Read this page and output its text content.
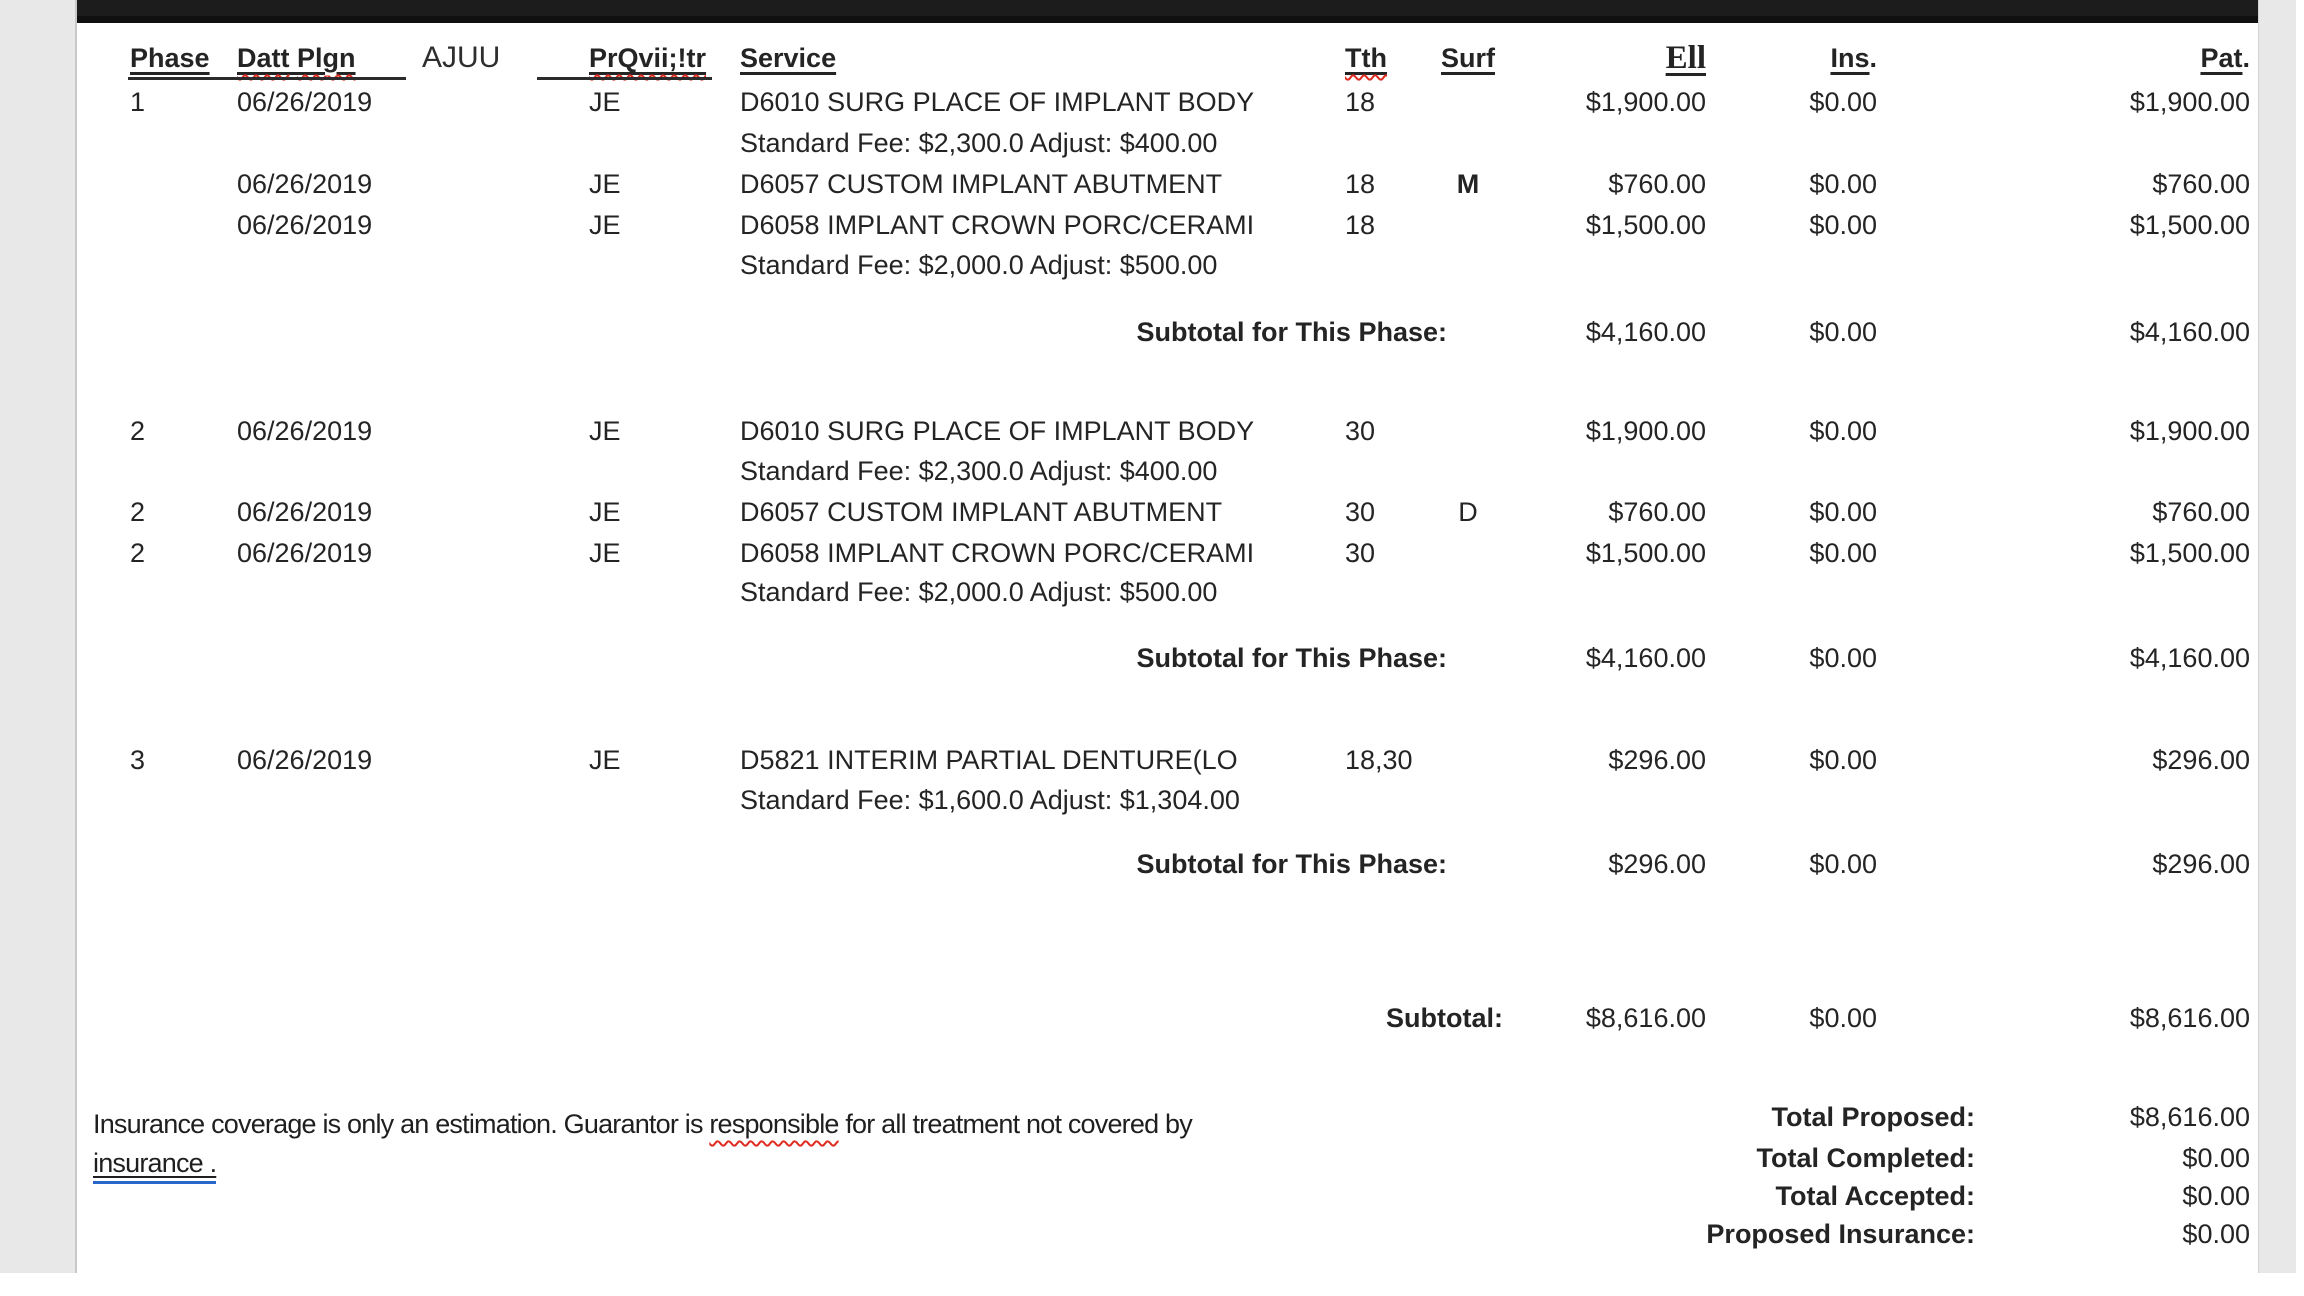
Phase Datt Plgn AJUU	PrQvii;!tr Service	Tth	Surf	Ell	Ins.	Pat.
1	06/26/2019	JE	D6010 SURG PLACE OF IMPLANT BODY	18	$1,900.00	$0.00	$1,900.00
Standard Fee: $2,300.0 Adjust: $400.00
06/26/2019	JE	D6057 CUSTOM IMPLANT ABUTMENT	18	M	$760.00	$0.00	$760.00
06/26/2019	JE	D6058 IMPLANT CROWN PORC/CERAMI	18	$1,500.00	$0.00	$1,500.00
Standard Fee: $2,000.0 Adjust: $500.00
Subtotal for This Phase:	$4,160.00	$0.00	$4,160.00
2	06/26/2019	JE	D6010 SURG PLACE OF IMPLANT BODY	30	$1,900.00	$0.00	$1,900.00
Standard Fee: $2,300.0 Adjust: $400.00
2	06/26/2019	JE	D6057 CUSTOM IMPLANT ABUTMENT	30	D	$760.00	$0.00	$760.00
2	06/26/2019	JE	D6058 IMPLANT CROWN PORC/CERAMI	30	$1,500.00	$0.00	$1,500.00
Standard Fee: $2,000.0 Adjust: $500.00
Subtotal for This Phase:	$4,160.00	$0.00	$4,160.00
3	06/26/2019	JE	D5821 INTERIM PARTIAL DENTURE(LO	18,30	$296.00	$0.00	$296.00
Standard Fee: $1,600.0 Adjust: $1,304.00
Subtotal for This Phase:	$296.00	$0.00	$296.00
Subtotal:	$8,616.00	$0.00	$8,616.00
Insurance coverage is only an estimation. Guarantor is responsible for all treatment not covered by
insurance .
Total Proposed:	$8,616.00
Total Completed:	$0.00
Total Accepted:	$0.00
Proposed Insurance:	$0.00
